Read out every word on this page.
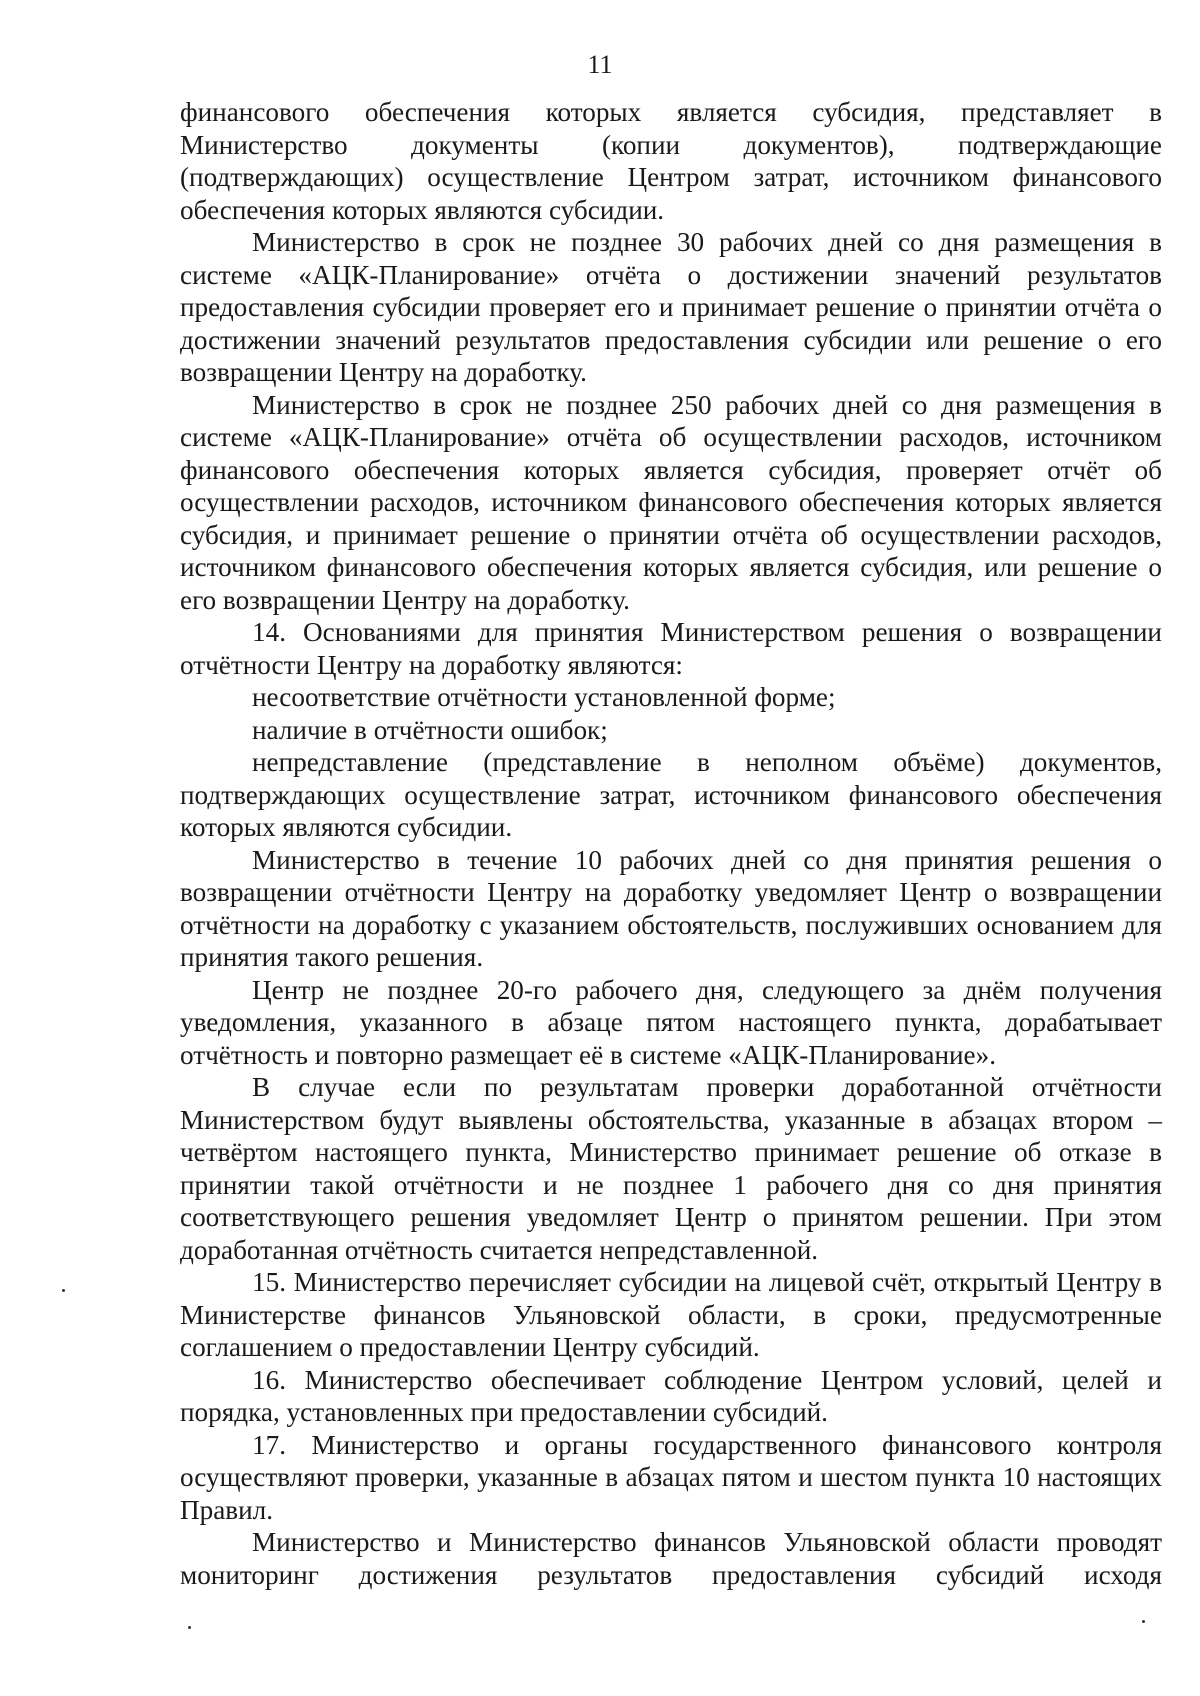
11

финансового обеспечения которых является субсидия, представляет в Министерство документы (копии документов), подтверждающие (подтверждающих) осуществление Центром затрат, источником финансового обеспечения которых являются субсидии.

Министерство в срок не позднее 30 рабочих дней со дня размещения в системе «АЦК-Планирование» отчёта о достижении значений результатов предоставления субсидии проверяет его и принимает решение о принятии отчёта о достижении значений результатов предоставления субсидии или решение о его возвращении Центру на доработку.

Министерство в срок не позднее 250 рабочих дней со дня размещения в системе «АЦК-Планирование» отчёта об осуществлении расходов, источником финансового обеспечения которых является субсидия, проверяет отчёт об осуществлении расходов, источником финансового обеспечения которых является субсидия, и принимает решение о принятии отчёта об осуществлении расходов, источником финансового обеспечения которых является субсидия, или решение о его возвращении Центру на доработку.

14. Основаниями для принятия Министерством решения о возвращении отчётности Центру на доработку являются:

несоответствие отчётности установленной форме;

наличие в отчётности ошибок;

непредставление (представление в неполном объёме) документов, подтверждающих осуществление затрат, источником финансового обеспечения которых являются субсидии.

Министерство в течение 10 рабочих дней со дня принятия решения о возвращении отчётности Центру на доработку уведомляет Центр о возвращении отчётности на доработку с указанием обстоятельств, послуживших основанием для принятия такого решения.

Центр не позднее 20-го рабочего дня, следующего за днём получения уведомления, указанного в абзаце пятом настоящего пункта, дорабатывает отчётность и повторно размещает её в системе «АЦК-Планирование».

В случае если по результатам проверки доработанной отчётности Министерством будут выявлены обстоятельства, указанные в абзацах втором – четвёртом настоящего пункта, Министерство принимает решение об отказе в принятии такой отчётности и не позднее 1 рабочего дня со дня принятия соответствующего решения уведомляет Центр о принятом решении. При этом доработанная отчётность считается непредставленной.

15. Министерство перечисляет субсидии на лицевой счёт, открытый Центру в Министерстве финансов Ульяновской области, в сроки, предусмотренные соглашением о предоставлении Центру субсидий.

16. Министерство обеспечивает соблюдение Центром условий, целей и порядка, установленных при предоставлении субсидий.

17. Министерство и органы государственного финансового контроля осуществляют проверки, указанные в абзацах пятом и шестом пункта 10 настоящих Правил.

Министерство и Министерство финансов Ульяновской области проводят мониторинг достижения результатов предоставления субсидий исходя
